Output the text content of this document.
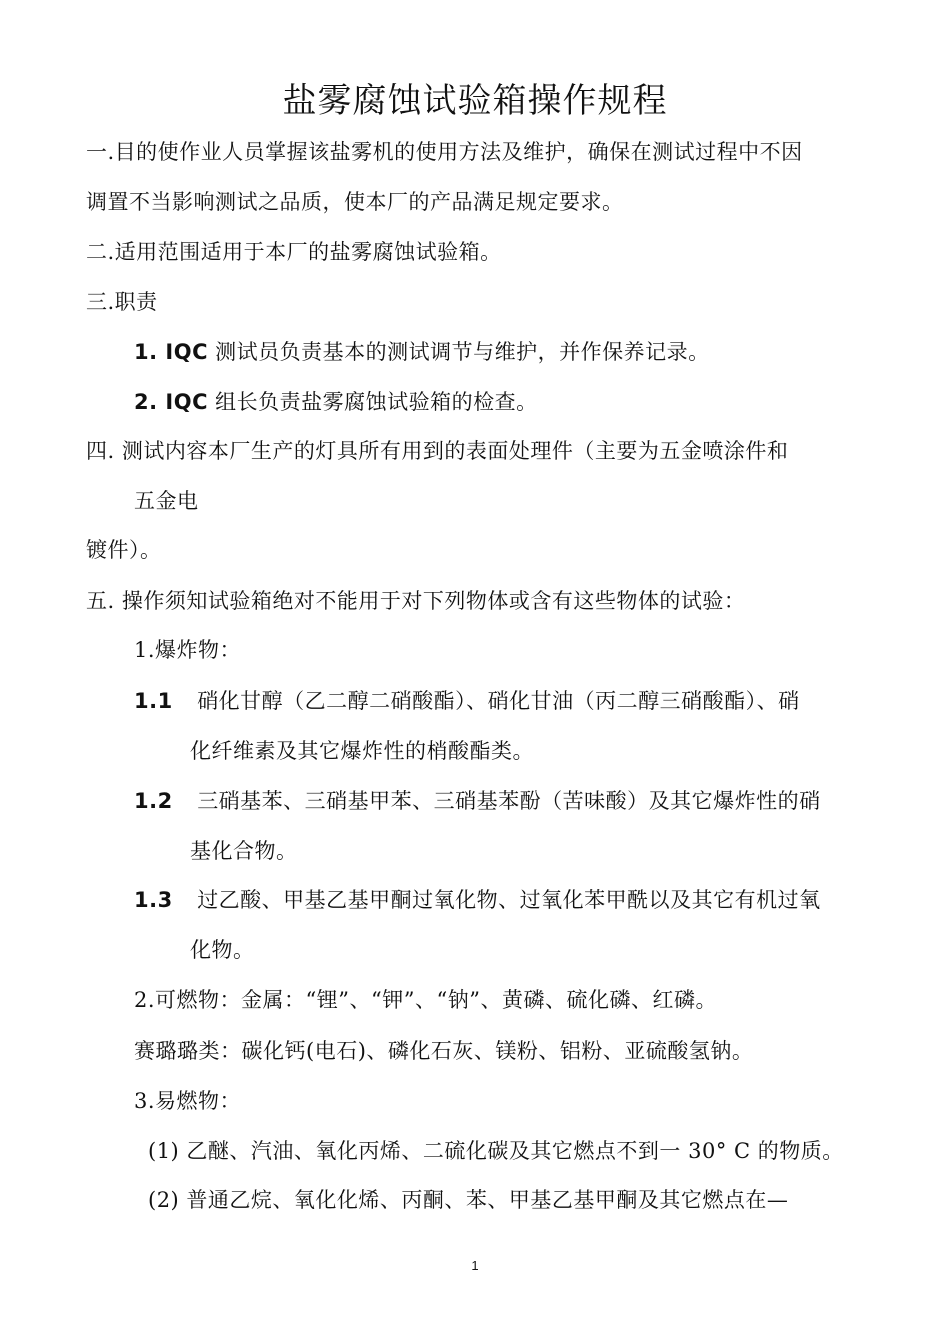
盐雾腐蚀试验箱操作规程
一.目的使作业人员掌握该盐雾机的使用方法及维护，确保在测试过程中不因
调置不当影响测试之品质，使本厂的产品满足规定要求。
二.适用范围适用于本厂的盐雾腐蚀试验箱。
三.职责
1. IQC 测试员负责基本的测试调节与维护，并作保养记录。
2. IQC 组长负责盐雾腐蚀试验箱的检查。
四. 测试内容本厂生产的灯具所有用到的表面处理件（主要为五金喷涂件和
五金电
镀件）。
五. 操作须知试验箱绝对不能用于对下列物体或含有这些物体的试验：
1.爆炸物：
1.1 硝化甘醇（乙二醇二硝酸酯）、硝化甘油（丙二醇三硝酸酯）、硝
化纤维素及其它爆炸性的梢酸酯类。
1.2 三硝基苯、三硝基甲苯、三硝基苯酚（苦味酸）及其它爆炸性的硝
基化合物。
1.3 过乙酸、甲基乙基甲酮过氧化物、过氧化苯甲酰以及其它有机过氧
化物。
2.可燃物：金属：“锂”、“钾”、“钠”、黄磷、硫化磷、红磷。
赛璐璐类：碳化钙(电石)、磷化石灰、镁粉、铝粉、亚硫酸氢钠。
3.易燃物：
(1) 乙醚、汽油、氧化丙烯、二硫化碳及其它燃点不到一 30° C 的物质。
(2) 普通乙烷、氧化化烯、丙酮、苯、甲基乙基甲酮及其它燃点在—
1
